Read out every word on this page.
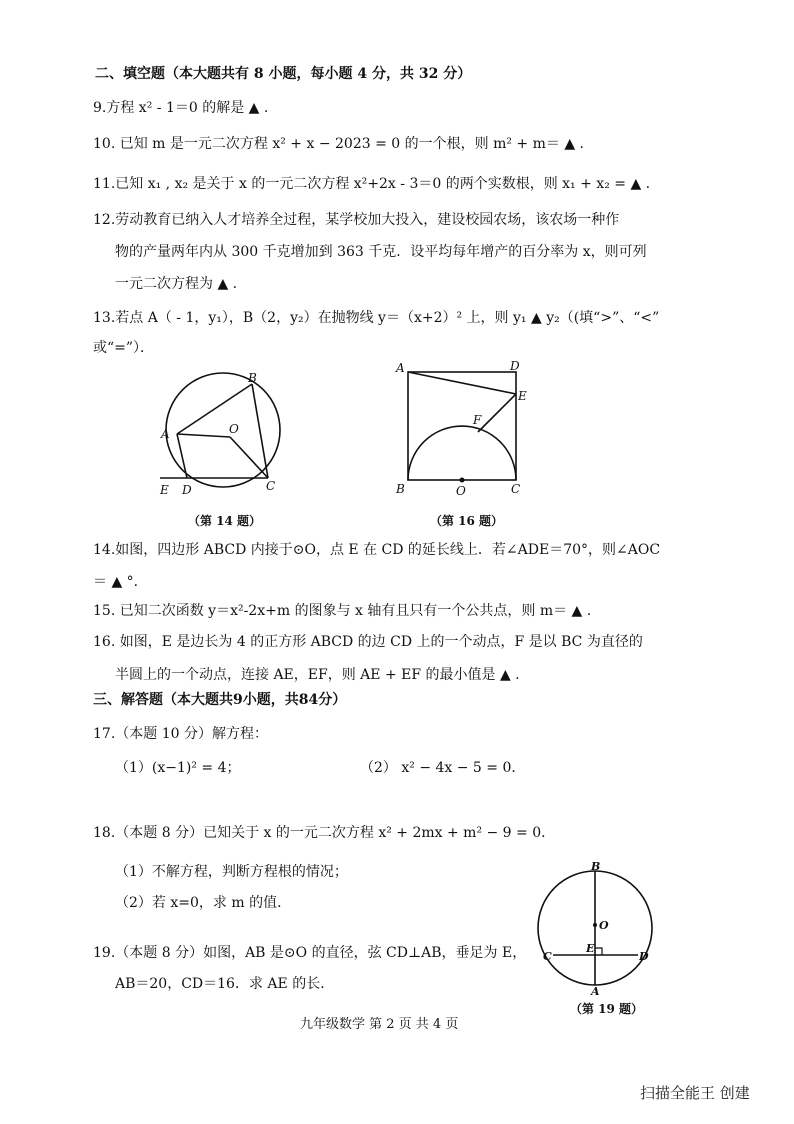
二、填空题（本大题共有 8 小题，每小题 4 分，共 32 分）
9.方程 x² - 1＝0 的解是 ▲ .
10. 已知 m 是一元二次方程 x² + x − 2023 = 0 的一个根，则 m² + m＝ ▲ .
11.已知 x₁ , x₂ 是关于 x 的一元二次方程 x²+2x - 3＝0 的两个实数根，则 x₁ + x₂ = ▲ .
12.劳动教育已纳入人才培养全过程，某学校加大投入，建设校园农场，该农场一种作
物的产量两年内从 300 千克增加到 363 千克．设平均每年增产的百分率为 x，则可列
一元二次方程为 ▲ .
13.若点 A（ - 1，y₁），B（2，y₂）在抛物线 y＝（x+2）² 上，则 y₁ ▲ y₂（(填“>”、“<”
或“=”）．
B
A	O
E D	C
（第 14 题）
A	D
E
F
B	O	C
（第 16 题）
14.如图，四边形 ABCD 内接于⊙O，点 E 在 CD 的延长线上．若∠ADE＝70°，则∠AOC
＝ ▲ °．
15. 已知二次函数 y＝x²-2x+m 的图象与 x 轴有且只有一个公共点，则 m＝ ▲ .
16. 如图，E 是边长为 4 的正方形 ABCD 的边 CD 上的一个动点，F 是以 BC 为直径的
半圆上的一个动点，连接 AE，EF，则 AE + EF 的最小值是 ▲ .
三、解答题（本大题共9小题，共84分）
17.（本题 10 分）解方程：
（1）(x−1)² = 4；	（2） x² − 4x − 5 = 0．
18.（本题 8 分）已知关于 x 的一元二次方程 x² + 2mx + m² − 9 = 0．
（1）不解方程，判断方程根的情况；
（2）若 x=0，求 m 的值．
19.（本题 8 分）如图，AB 是⊙O 的直径，弦 CD⊥AB，垂足为 E，
AB＝20，CD＝16．求 AE 的长．
B
O
E
C	D
A
（第 19 题）
九年级数学 第 2 页 共 4 页
扫描全能王 创建
